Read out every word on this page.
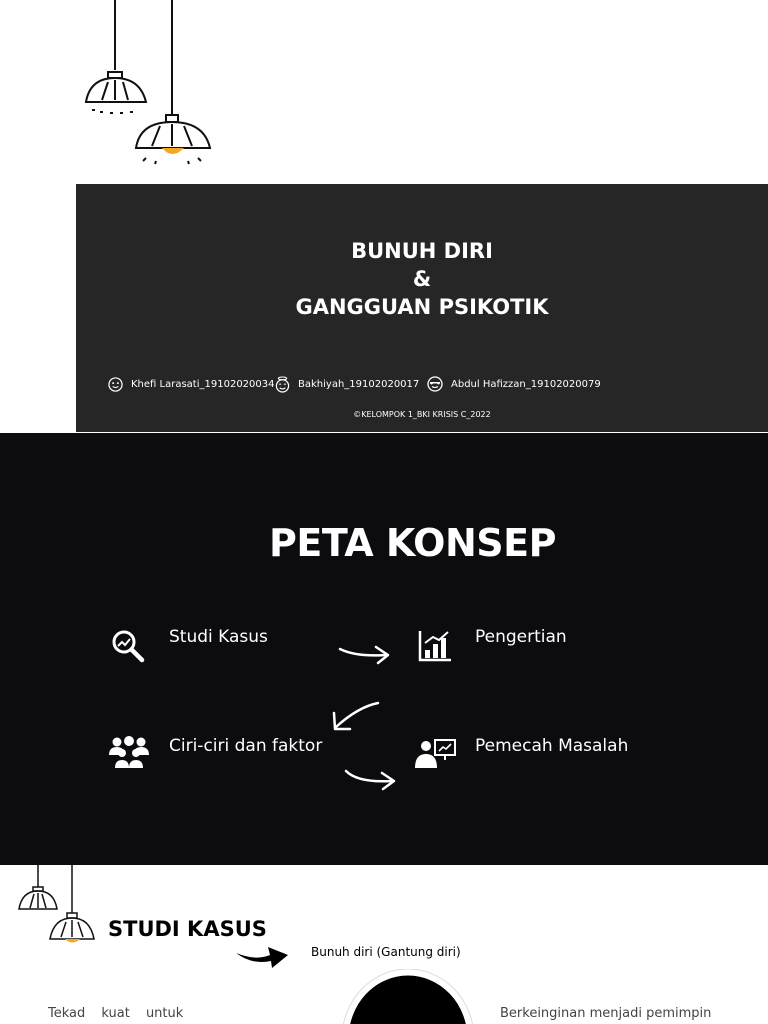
BUNUH DIRI
&
GANGGUAN PSIKOTIK
Khefi Larasati_19102020034 Bakhiyah_19102020017	Abdul Hafizzan_19102020079
©KELOMPOK 1_BKI KRISIS C_2022
PETA KONSEP
Studi Kasus	Pengertian
Ciri-ciri dan faktor	Pemecah Masalah
STUDI KASUS
Bunuh diri (Gantung diri)
Tekad kuat untuk	Berkeinginan menjadi pemimpin
